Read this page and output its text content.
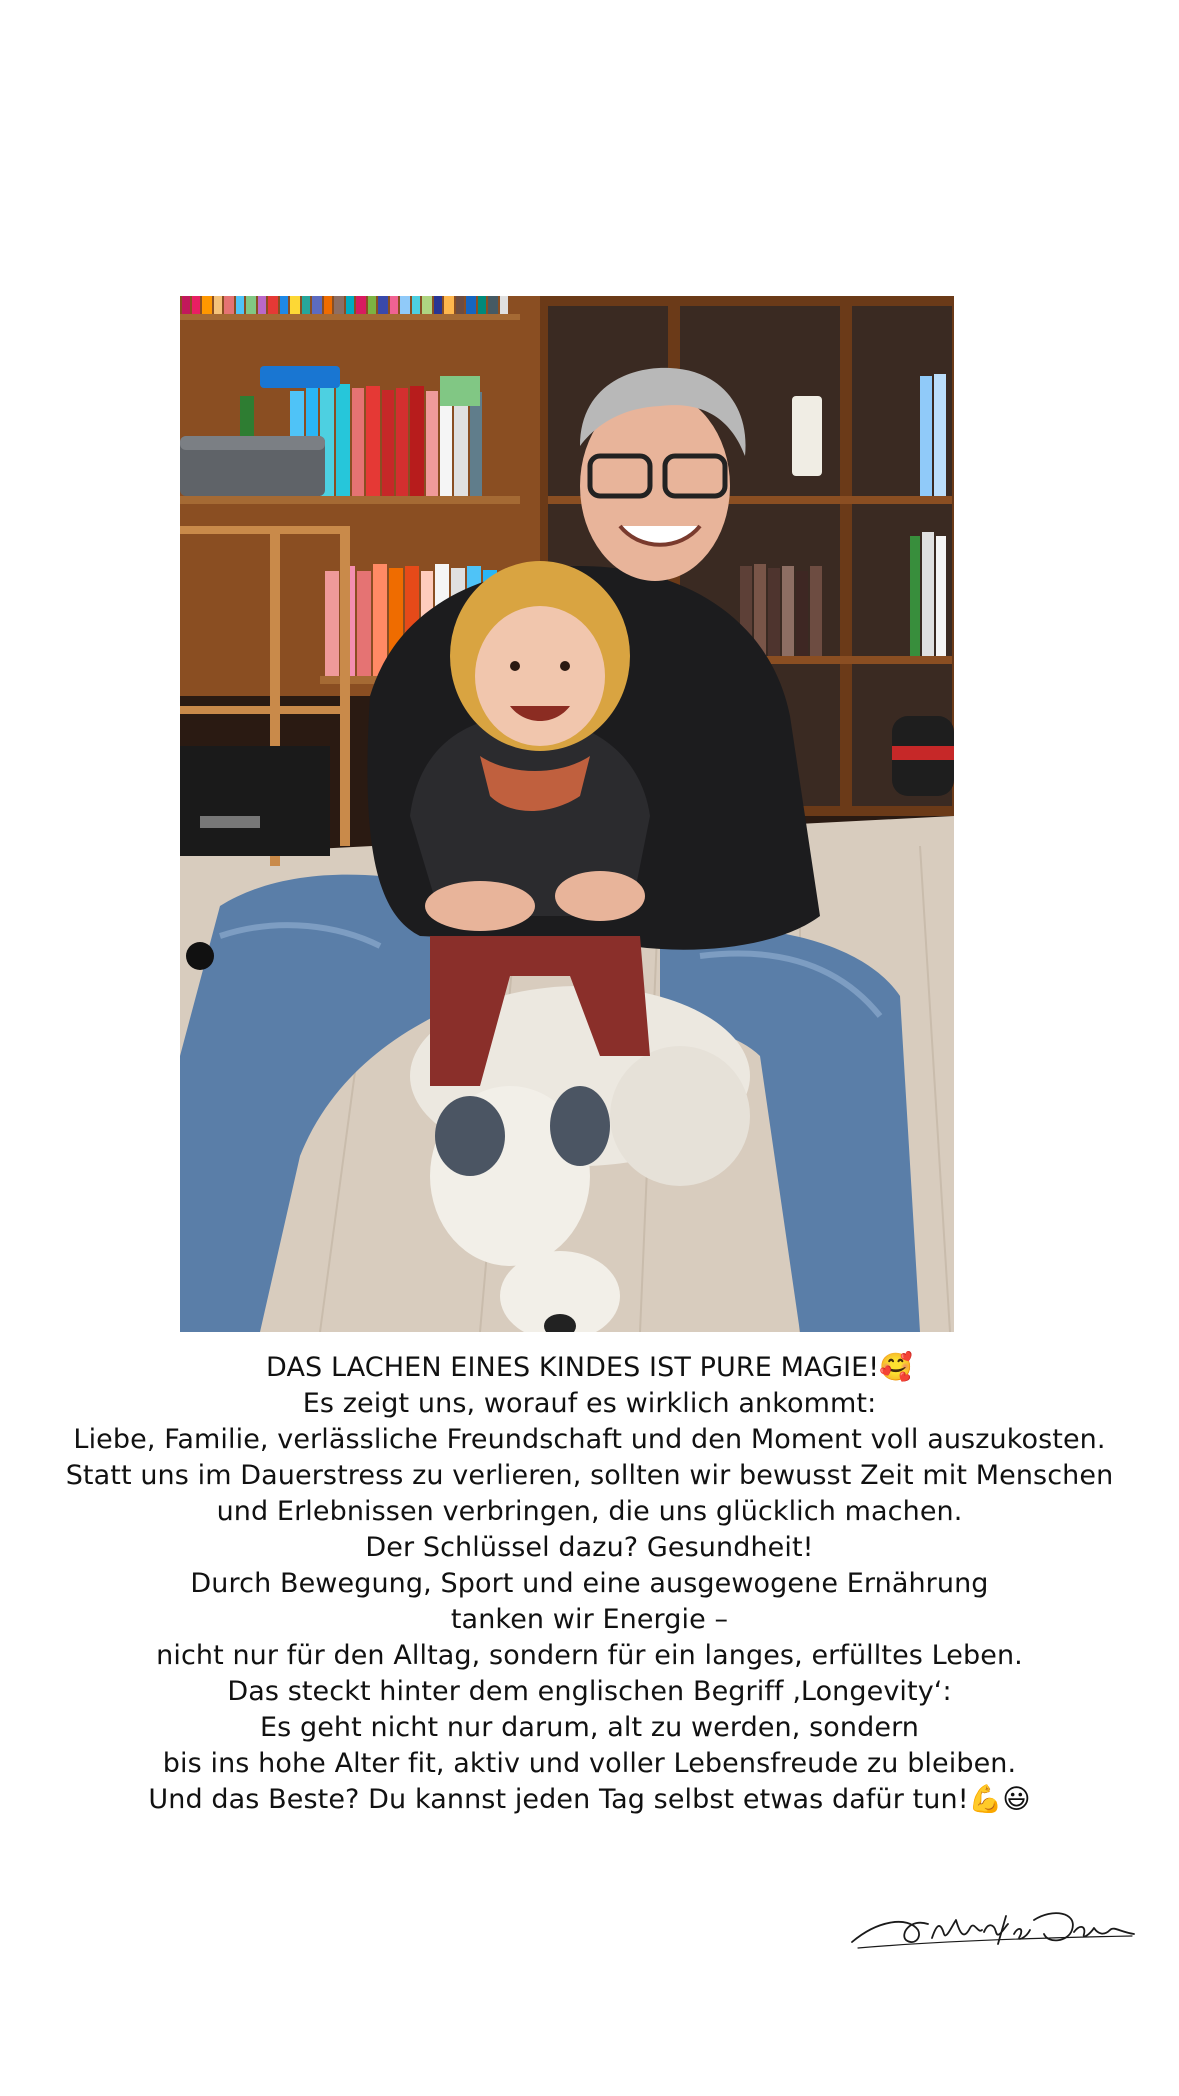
DAS LACHEN EINES KINDES IST PURE MAGIE!🥰
Es zeigt uns, worauf es wirklich ankommt:
Liebe, Familie, verlässliche Freundschaft und den Moment voll auszukosten.
Statt uns im Dauerstress zu verlieren, sollten wir bewusst Zeit mit Menschen
und Erlebnissen verbringen, die uns glücklich machen.
Der Schlüssel dazu? Gesundheit!
Durch Bewegung, Sport und eine ausgewogene Ernährung
tanken wir Energie –
nicht nur für den Alltag, sondern für ein langes, erfülltes Leben.
Das steckt hinter dem englischen Begriff ‚Longevity‘:
Es geht nicht nur darum, alt zu werden, sondern
bis ins hohe Alter fit, aktiv und voller Lebensfreude zu bleiben.
Und das Beste? Du kannst jeden Tag selbst etwas dafür tun!💪😃
